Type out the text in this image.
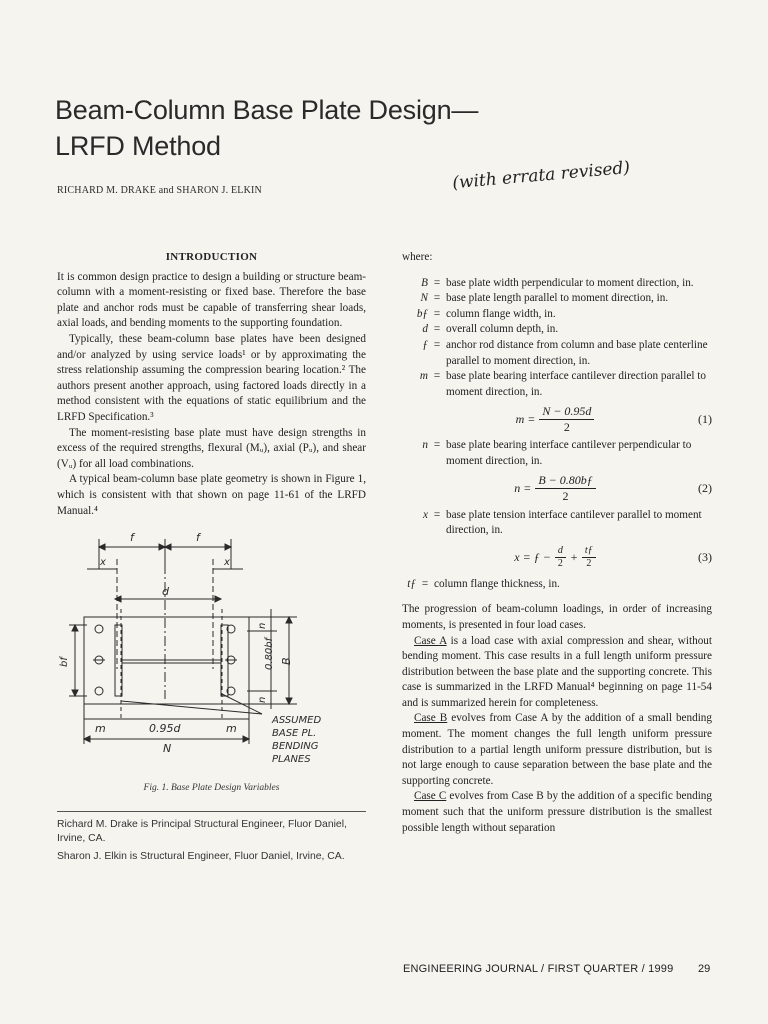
Beam-Column Base Plate Design—
LRFD Method
(with errata revised)
RICHARD M. DRAKE and SHARON J. ELKIN
INTRODUCTION

It is common design practice to design a building or structure beam-column with a moment-resisting or fixed base. Therefore the base plate and anchor rods must be capable of transferring shear loads, axial loads, and bending moments to the supporting foundation.

Typically, these beam-column base plates have been designed and/or analyzed by using service loads¹ or by approximating the stress relationship assuming the compression bearing location.² The authors present another approach, using factored loads directly in a method consistent with the equations of static equilibrium and the LRFD Specification.³

The moment-resisting base plate must have design strengths in excess of the required strengths, flexural (Mᵤ), axial (Pᵤ), and shear (Vᵤ) for all load combinations.

A typical beam-column base plate geometry is shown in Figure 1, which is consistent with that shown on page 11-61 of the LRFD Manual.⁴

f	f
x	x
d
bf
n
0.80bf
n
B
m	0.95d	m
N
ASSUMED
BASE PL.
BENDING
PLANES
Fig. 1. Base Plate Design Variables
Richard M. Drake is Principal Structural Engineer, Fluor Daniel, Irvine, CA.
Sharon J. Elkin is Structural Engineer, Fluor Daniel, Irvine, CA.
where:
B = base plate width perpendicular to moment direction, in.
N = base plate length parallel to moment direction, in.
bƒ = column flange width, in.
d = overall column depth, in.
ƒ = anchor rod distance from column and base plate centerline parallel to moment direction, in.
m = base plate bearing interface cantilever direction parallel to moment direction, in.
$m = \frac{N - 0.95d}{2}$	(1)
n = base plate bearing interface cantilever perpendicular to moment direction, in.
$n = \frac{B - 0.80bƒ}{2}$	(2)
x = base plate tension interface cantilever parallel to moment direction, in.
x = ƒ − $\frac{d}{2} + \frac{tƒ}{2}$	(3)
tƒ = column flange thickness, in.

The progression of beam-column loadings, in order of increasing moments, is presented in four load cases.

Case A is a load case with axial compression and shear, without bending moment. This case results in a full length uniform pressure distribution between the base plate and the supporting concrete. This case is summarized in the LRFD Manual⁴ beginning on page 11-54 and is summarized herein for completeness.

Case B evolves from Case A by the addition of a small bending moment. The moment changes the full length uniform pressure distribution to a partial length uniform pressure distribution, but is not large enough to cause separation between the base plate and the supporting concrete.

Case C evolves from Case B by the addition of a specific bending moment such that the uniform pressure distribution is the smallest possible length without separation

ENGINEERING JOURNAL / FIRST QUARTER / 1999 29
